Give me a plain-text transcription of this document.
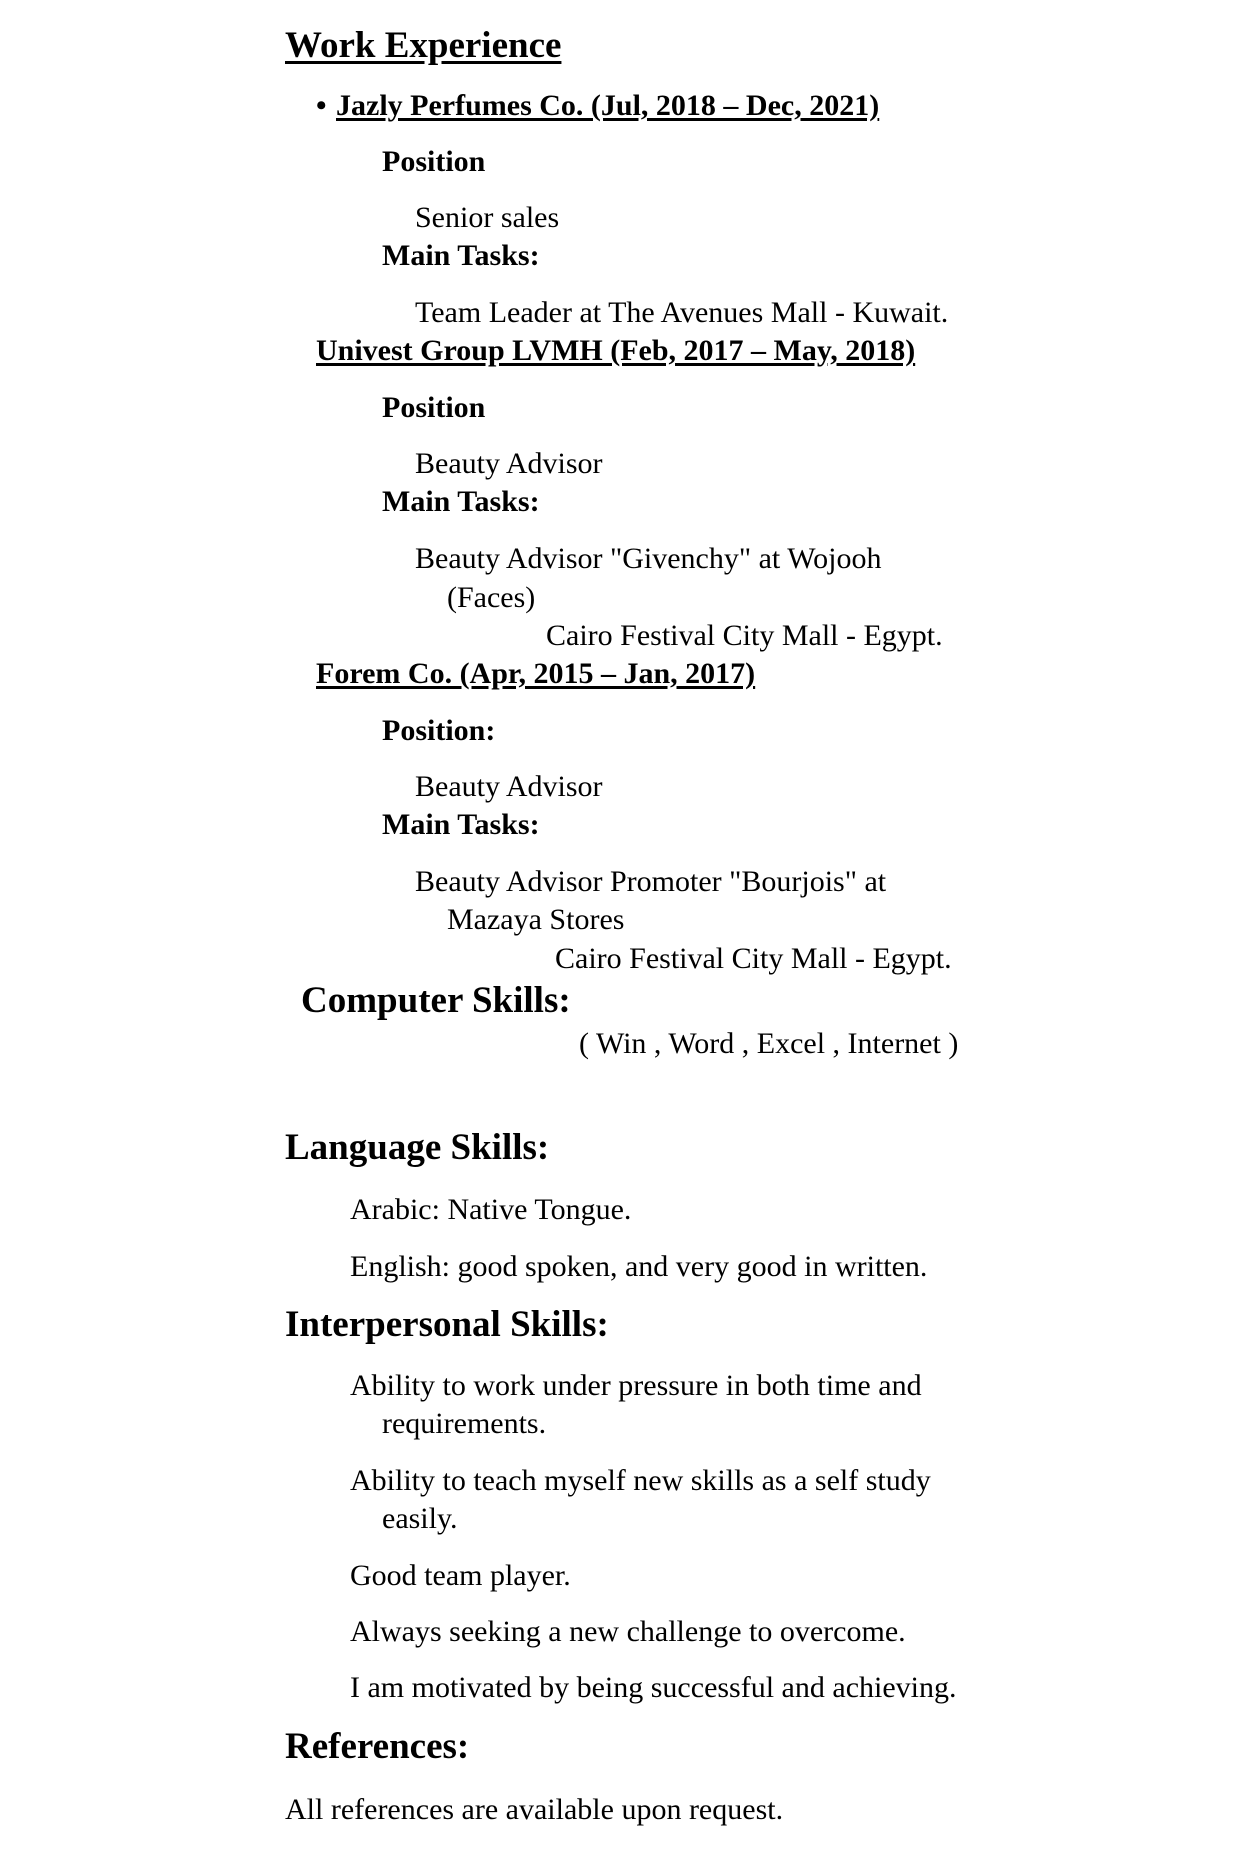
Work Experience
• Jazly Perfumes Co. (Jul, 2018 – Dec, 2021)
Position
Senior sales
Main Tasks:
Team Leader at The Avenues Mall - Kuwait.
Univest Group LVMH (Feb, 2017 – May, 2018)
Position
Beauty Advisor
Main Tasks:
Beauty Advisor "Givenchy" at Wojooh
(Faces)
Cairo Festival City Mall - Egypt.
Forem Co. (Apr, 2015 – Jan, 2017)
Position:
Beauty Advisor
Main Tasks:
Beauty Advisor Promoter "Bourjois" at
Mazaya Stores
Cairo Festival City Mall - Egypt.
Computer Skills:
( Win , Word , Excel , Internet )
Language Skills:
Arabic: Native Tongue.
English: good spoken, and very good in written.
Interpersonal Skills:
Ability to work under pressure in both time and
requirements.
Ability to teach myself new skills as a self study
easily.
Good team player.
Always seeking a new challenge to overcome.
I am motivated by being successful and achieving.
References:
All references are available upon request.
